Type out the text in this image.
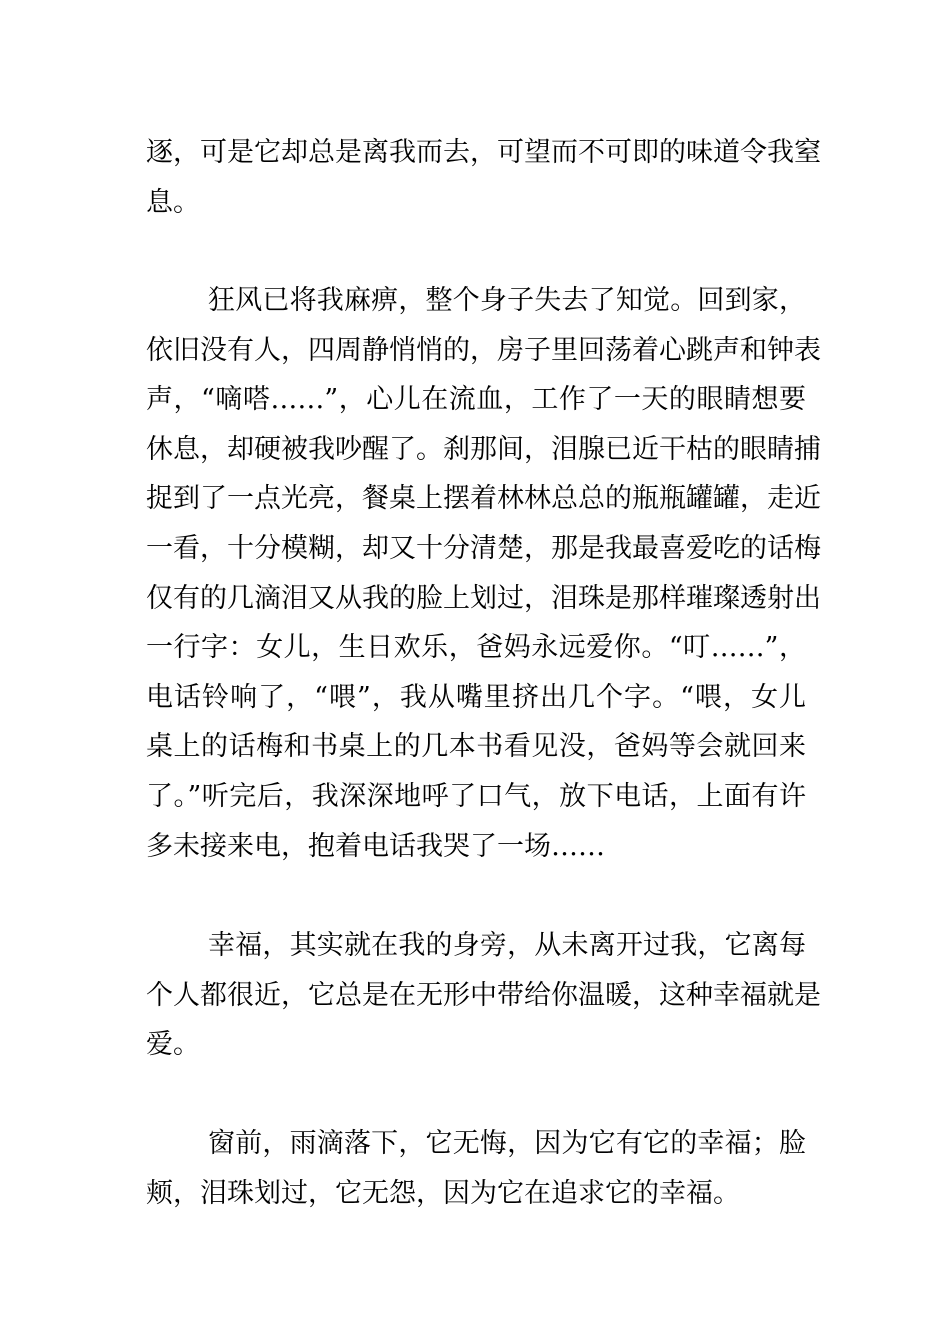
逐，可是它却总是离我而去，可望而不可即的味道令我窒
息。
狂风已将我麻痹，整个身子失去了知觉。回到家，
依旧没有人，四周静悄悄的，房子里回荡着心跳声和钟表
声，“嘀嗒……”，心儿在流血，工作了一天的眼睛想要
休息，却硬被我吵醒了。刹那间，泪腺已近干枯的眼睛捕
捉到了一点光亮，餐桌上摆着林林总总的瓶瓶罐罐，走近
一看，十分模糊，却又十分清楚，那是我最喜爱吃的话梅
仅有的几滴泪又从我的脸上划过，泪珠是那样璀璨透射出
一行字：女儿，生日欢乐，爸妈永远爱你。“叮……”，
电话铃响了，“喂”，我从嘴里挤出几个字。“喂，女儿
桌上的话梅和书桌上的几本书看见没，爸妈等会就回来
了。”听完后，我深深地呼了口气，放下电话，上面有许
多未接来电，抱着电话我哭了一场……
幸福，其实就在我的身旁，从未离开过我，它离每
个人都很近，它总是在无形中带给你温暖，这种幸福就是
爱。
窗前，雨滴落下，它无悔，因为它有它的幸福；脸
颊，泪珠划过，它无怨，因为它在追求它的幸福。
